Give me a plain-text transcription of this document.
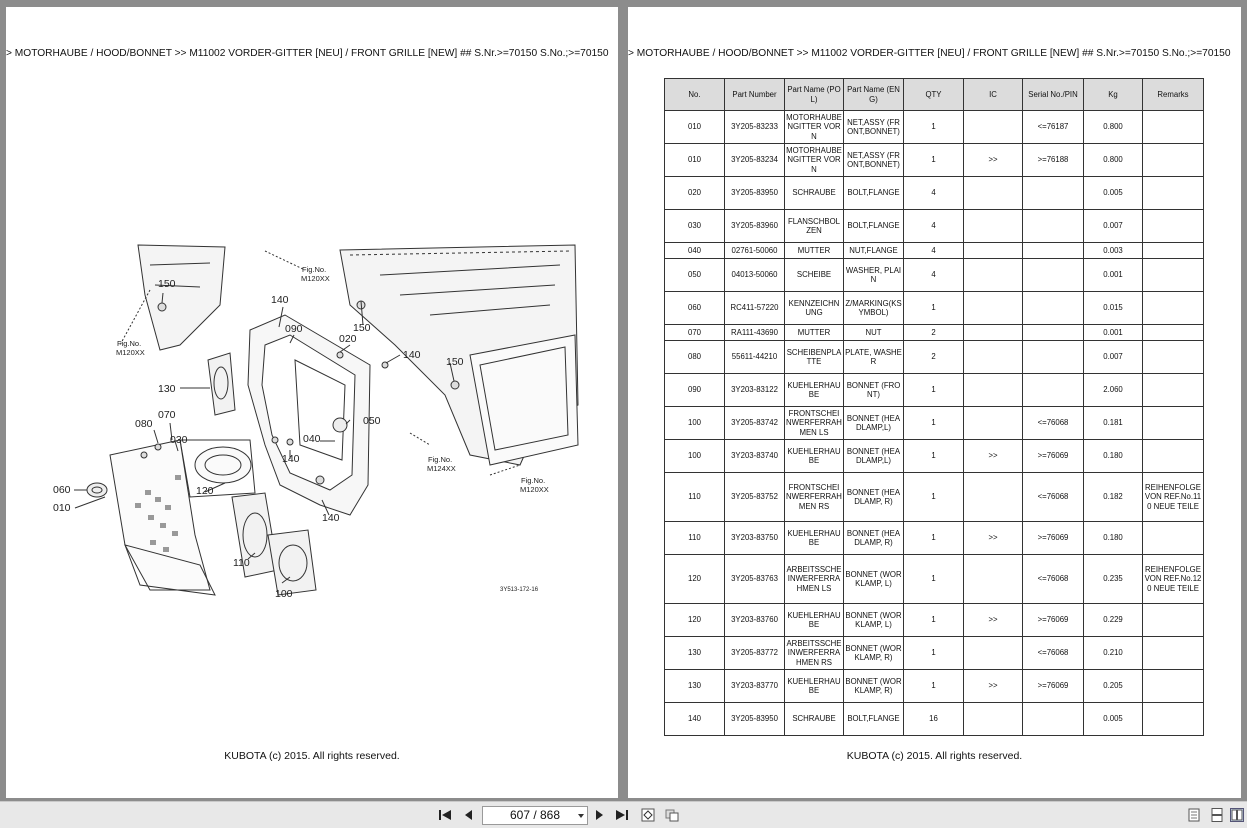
> MOTORHAUBE / HOOD/BONNET >> M11002 VORDER-GITTER [NEU] / FRONT GRILLE [NEW] ## S.Nr.>=70150 S.No.;>=70150
150
140
090
020
150
140
150
130
080
070
030
050
040
140
120
060
010
110
100
140
Fig.No.
M120XX
Fig.No.
M120XX
Fig.No.
M124XX
Fig.No.
M120XX
3Y513-172-16
KUBOTA (c) 2015. All rights reserved.
> MOTORHAUBE / HOOD/BONNET >> M11002 VORDER-GITTER [NEU] / FRONT GRILLE [NEW] ## S.Nr.>=70150 S.No.;>=70150
No.	Part Number	Part Name (POL)	Part Name (ENG)	QTY	IC	Serial No./PIN	Kg	Remarks
010	3Y205-83233	MOTORHAUBENGITTER VORN	NET,ASSY (FRONT,BONNET)	1		<=76187	0.800	
010	3Y205-83234	MOTORHAUBENGITTER VORN	NET,ASSY (FRONT,BONNET)	1	>>	>=76188	0.800	
020	3Y205-83950	SCHRAUBE	BOLT,FLANGE	4			0.005	
030	3Y205-83960	FLANSCHBOLZEN	BOLT,FLANGE	4			0.007	
040	02761-50060	MUTTER	NUT,FLANGE	4			0.003	
050	04013-50060	SCHEIBE	WASHER, PLAIN	4			0.001	
060	RC411-57220	KENNZEICHNUNG	Z/MARKING(KSYMBOL)	1			0.015	
070	RA111-43690	MUTTER	NUT	2			0.001	
080	55611-44210	SCHEIBENPLATTE	PLATE, WASHER	2			0.007	
090	3Y203-83122	KUEHLERHAUBE	BONNET (FRONT)	1			2.060	
100	3Y205-83742	FRONTSCHEINWERFERRAHMEN LS	BONNET (HEADLAMP,L)	1		<=76068	0.181	
100	3Y203-83740	KUEHLERHAUBE	BONNET (HEADLAMP,L)	1	>>	>=76069	0.180	
110	3Y205-83752	FRONTSCHEINWERFERRAHMEN RS	BONNET (HEADLAMP, R)	1		<=76068	0.182	REIHENFOLGE VON REF.No.110 NEUE TEILE
110	3Y203-83750	KUEHLERHAUBE	BONNET (HEADLAMP, R)	1	>>	>=76069	0.180	
120	3Y205-83763	ARBEITSSCHEINWERFERRAHMEN LS	BONNET (WORKLAMP, L)	1		<=76068	0.235	REIHENFOLGE VON REF.No.120 NEUE TEILE
120	3Y203-83760	KUEHLERHAUBE	BONNET (WORKLAMP, L)	1	>>	>=76069	0.229	
130	3Y205-83772	ARBEITSSCHEINWERFERRAHMEN RS	BONNET (WORKLAMP, R)	1		<=76068	0.210	
130	3Y203-83770	KUEHLERHAUBE	BONNET (WORKLAMP, R)	1	>>	>=76069	0.205	
140	3Y205-83950	SCHRAUBE	BOLT,FLANGE	16			0.005	
KUBOTA (c) 2015. All rights reserved.
607 / 868
